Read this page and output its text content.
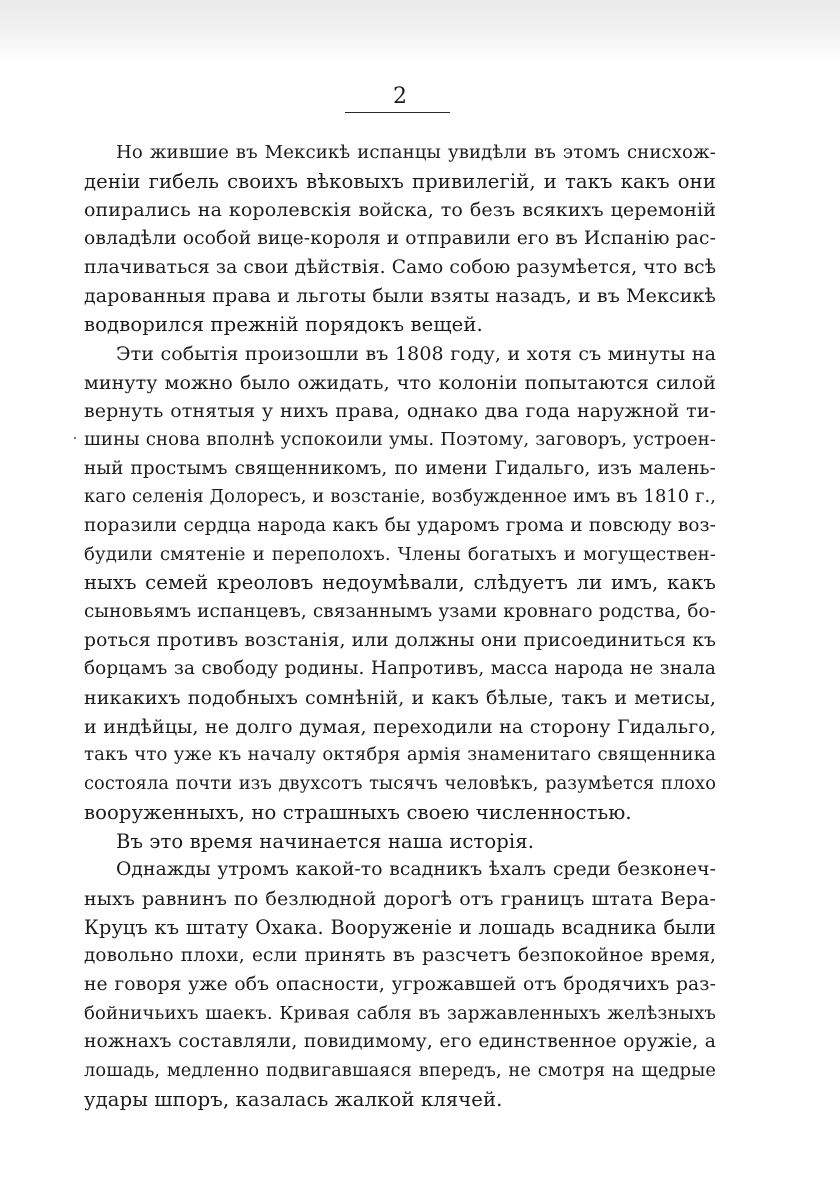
2
Но жившие въ Мексикѣ испанцы увидѣли въ этомъ снисхож-
деніи гибель своихъ вѣковыхъ привилегій, и такъ какъ они
опирались на королевскія войска, то безъ всякихъ церемоній
овладѣли особой вице-короля и отправили его въ Испанію рас-
плачиваться за свои дѣйствія. Само собою разумѣется, что всѣ
дарованныя права и льготы были взяты назадъ, и въ Мексикѣ
водворился прежній порядокъ вещей.
Эти событія произошли въ 1808 году, и хотя съ минуты на
минуту можно было ожидать, что колоніи попытаются силой
вернуть отнятыя у нихъ права, однако два года наружной ти-
шины снова вполнѣ успокоили умы. Поэтому, заговоръ, устроен-
ный простымъ священникомъ, по имени Гидальго, изъ малень-
каго селенія Долоресъ, и возстаніе, возбужденное имъ въ 1810 г.,
поразили сердца народа какъ бы ударомъ грома и повсюду воз-
будили смятеніе и переполохъ. Члены богатыхъ и могуществен-
ныхъ семей креоловъ недоумѣвали, слѣдуетъ ли имъ, какъ
сыновьямъ испанцевъ, связаннымъ узами кровнаго родства, бо-
роться противъ возстанія, или должны они присоединиться къ
борцамъ за свободу родины. Напротивъ, масса народа не знала
никакихъ подобныхъ сомнѣній, и какъ бѣлые, такъ и метисы,
и индѣйцы, не долго думая, переходили на сторону Гидальго,
такъ что уже къ началу октября армія знаменитаго священника
состояла почти изъ двухсотъ тысячъ человѣкъ, разумѣется плохо
вооруженныхъ, но страшныхъ своею численностью.
Въ это время начинается наша исторія.
Однажды утромъ какой-то всадникъ ѣхалъ среди безконеч-
ныхъ равнинъ по безлюдной дорогѣ отъ границъ штата Вера-
Круцъ къ штату Охака. Вооруженіе и лошадь всадника были
довольно плохи, если принять въ разсчетъ безпокойное время,
не говоря уже объ опасности, угрожавшей отъ бродячихъ раз-
бойничьихъ шаекъ. Кривая сабля въ заржавленныхъ желѣзныхъ
ножнахъ составляли, повидимому, его единственное оружіе, а
лошадь, медленно подвигавшаяся впередъ, не смотря на щедрые
удары шпоръ, казалась жалкой клячей.
